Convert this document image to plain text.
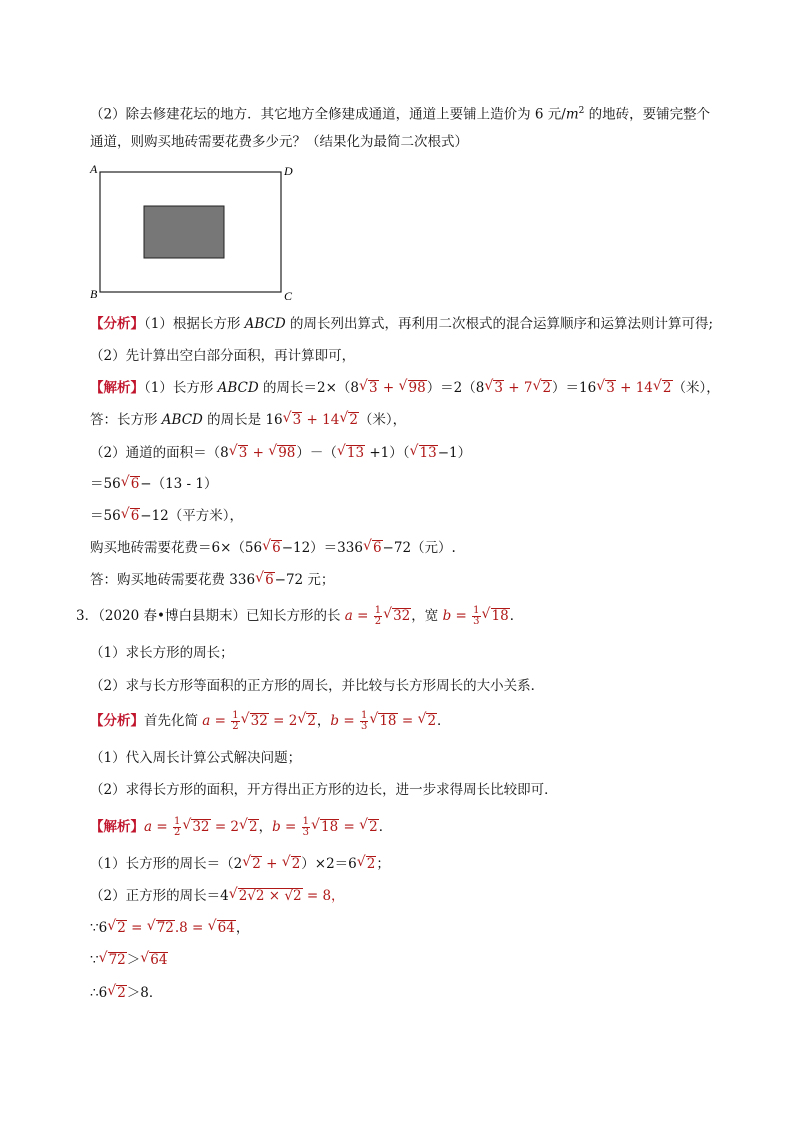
（2）除去修建花坛的地方．其它地方全修建成通道，通道上要铺上造价为 6 元$/m^2$ 的地砖，要铺完整个
通道，则购买地砖需要花费多少元？（结果化为最简二次根式）
A	D
B	C
【分析】（1）根据长方形 ABCD 的周长列出算式，再利用二次根式的混合运算顺序和运算法则计算可得;
（2）先计算出空白部分面积，再计算即可，
【解析】（1）长方形 ABCD 的周长＝2×（8 √ 3 + √ 98）＝2（8 √ 3 + 7 √ 2）＝16 √ 3 + 14 √ 2（米），
答：长方形 ABCD 的周长是 16 √ 3 + 14 √ 2（米），
（2）通道的面积＝（8 √ 3 + √ 98）－（ √ 13 +1）（ √ 13−1）
＝56 √ 6−（13 - 1）
＝56 √ 6−12（平方米），
购买地砖需要花费＝6×（56 √ 6−12）＝336 √ 6−72（元）.
答：购买地砖需要花费 336 √ 6−72 元；
3．（2020 春•博白县期末）已知长方形的长 $a = \frac{1}{2}$ √ 32，宽 $b = \frac{1}{3}$ √ 18．
（1）求长方形的周长；
（2）求与长方形等面积的正方形的周长，并比较与长方形周长的大小关系．
【分析】首先化简 $a = \frac{1}{2}$ √ 32 = 2 √ 2，$b = \frac{1}{3}$ √ 18 = √ 2．
（1）代入周长计算公式解决问题；
（2）求得长方形的面积，开方得出正方形的边长，进一步求得周长比较即可．
【解析】$a = \frac{1}{2}$ √ 32 = 2 √ 2，$b = \frac{1}{3}$ √ 18 = √ 2．
（1）长方形的周长＝（2 √ 2 + √ 2）×2＝6 √ 2；
（2）正方形的周长＝4 √ 2√2 × √2 = 8，
∵6 √ 2 = √ 72.8 = √ 64，
∵ √ 72＞ √ 64
∴6 √ 2＞8．
